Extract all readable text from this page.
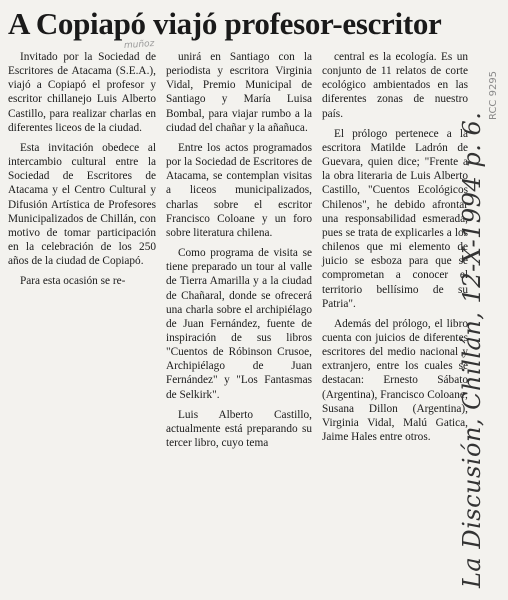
A Copiapó viajó profesor-escritor
muñoz

Invitado por la Sociedad de Escritores de Atacama (S.E.A.), viajó a Copiapó el profesor y escritor chillanejo Luis Alberto Castillo, para realizar charlas en diferentes liceos de la ciudad.

Esta invitación obedece al intercambio cultural entre la Sociedad de Escritores de Atacama y el Centro Cultural y Difusión Artística de Profesores Municipalizados de Chillán, con motivo de tomar participación en la celebración de los 250 años de la ciudad de Copiapó.

Para esta ocasión se re-

unirá en Santiago con la periodista y escritora Virginia Vidal, Premio Municipal de Santiago y María Luisa Bombal, para viajar rumbo a la ciudad del chañar y la añañuca.

Entre los actos programados por la Sociedad de Escritores de Atacama, se contemplan visitas a liceos municipalizados, charlas sobre el escritor Francisco Coloane y un foro sobre literatura chilena.

Como programa de visita se tiene preparado un tour al valle de Tierra Amarilla y a la ciudad de Chañaral, donde se ofrecerá una charla sobre el archipiélago de Juan Fernández, fuente de inspiración de sus libros "Cuentos de Róbinson Crusoe, Archipiélago de Juan Fernández" y "Los Fantasmas de Selkirk".

Luis Alberto Castillo, actualmente está preparando su tercer libro, cuyo tema

central es la ecología. Es un conjunto de 11 relatos de corte ecológico ambientados en las diferentes zonas de nuestro país.

El prólogo pertenece a la escritora Matilde Ladrón de Guevara, quien dice; "Frente a la obra literaria de Luis Alberto Castillo, "Cuentos Ecológicos Chilenos", he debido afrontar una responsabilidad esmerada, pues se trata de explicarles a los chilenos que mi elemento de juicio se esboza para que se comprometan a conocer el territorio bellísimo de su Patria".

Además del prólogo, el libro cuenta con juicios de diferentes escritores del medio nacional y extranjero, entre los cuales se destacan: Ernesto Sábato (Argentina), Francisco Coloane; Susana Dillon (Argentina), Virginia Vidal, Malú Gatica, Jaime Hales entre otros.	La Discusión, Chillán, 12-X-1994 p. 6.
RCC 9295
